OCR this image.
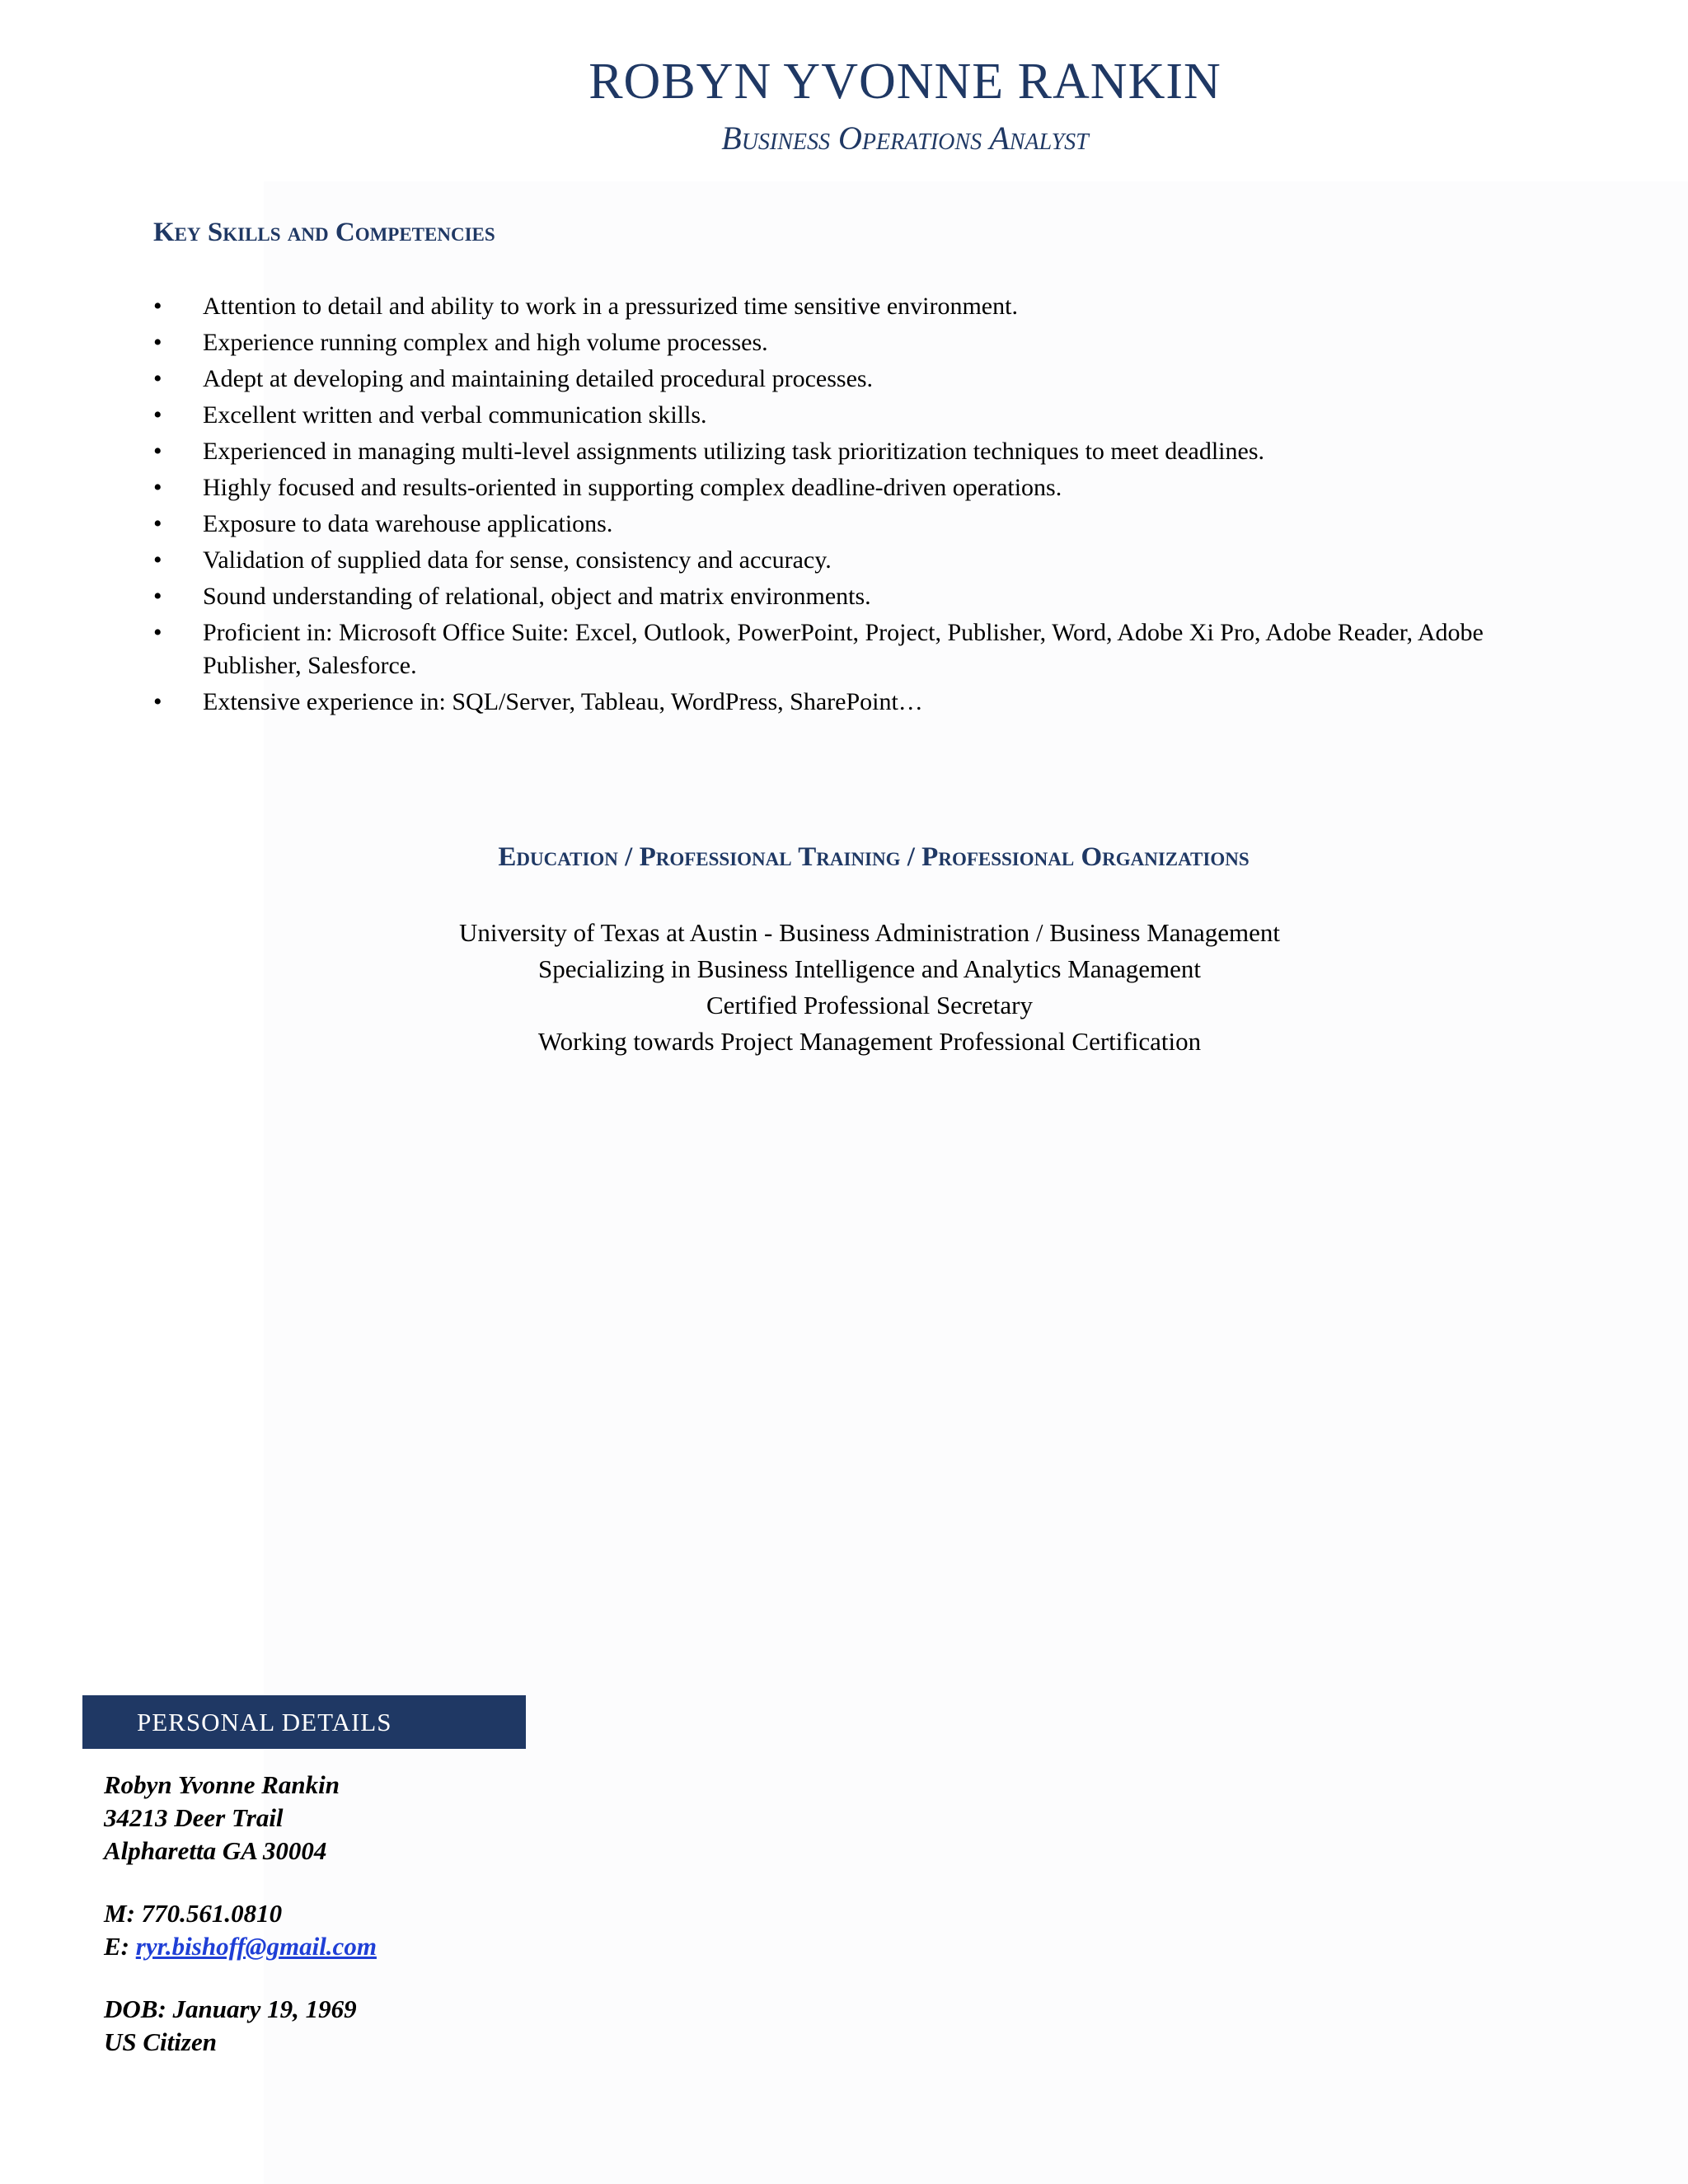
ROBYN YVONNE RANKIN
Business Operations Analyst
Key Skills and Competencies
• Attention to detail and ability to work in a pressurized time sensitive environment.
• Experience running complex and high volume processes.
• Adept at developing and maintaining detailed procedural processes.
• Excellent written and verbal communication skills.
• Experienced in managing multi-level assignments utilizing task prioritization techniques to meet deadlines.
• Highly focused and results-oriented in supporting complex deadline-driven operations.
• Exposure to data warehouse applications.
• Validation of supplied data for sense, consistency and accuracy.
• Sound understanding of relational, object and matrix environments.
• Proficient in: Microsoft Office Suite: Excel, Outlook, PowerPoint, Project, Publisher, Word, Adobe Xi Pro, Adobe Reader, Adobe Publisher, Salesforce.
• Extensive experience in: SQL/Server, Tableau, WordPress, SharePoint…
Education / Professional Training / Professional Organizations
University of Texas at Austin - Business Administration / Business Management
Specializing in Business Intelligence and Analytics Management
Certified Professional Secretary
Working towards Project Management Professional Certification
PERSONAL DETAILS
Robyn Yvonne Rankin
34213 Deer Trail
Alpharetta GA 30004
M: 770.561.0810
E: ryr.bishoff@gmail.com
DOB: January 19, 1969
US Citizen
